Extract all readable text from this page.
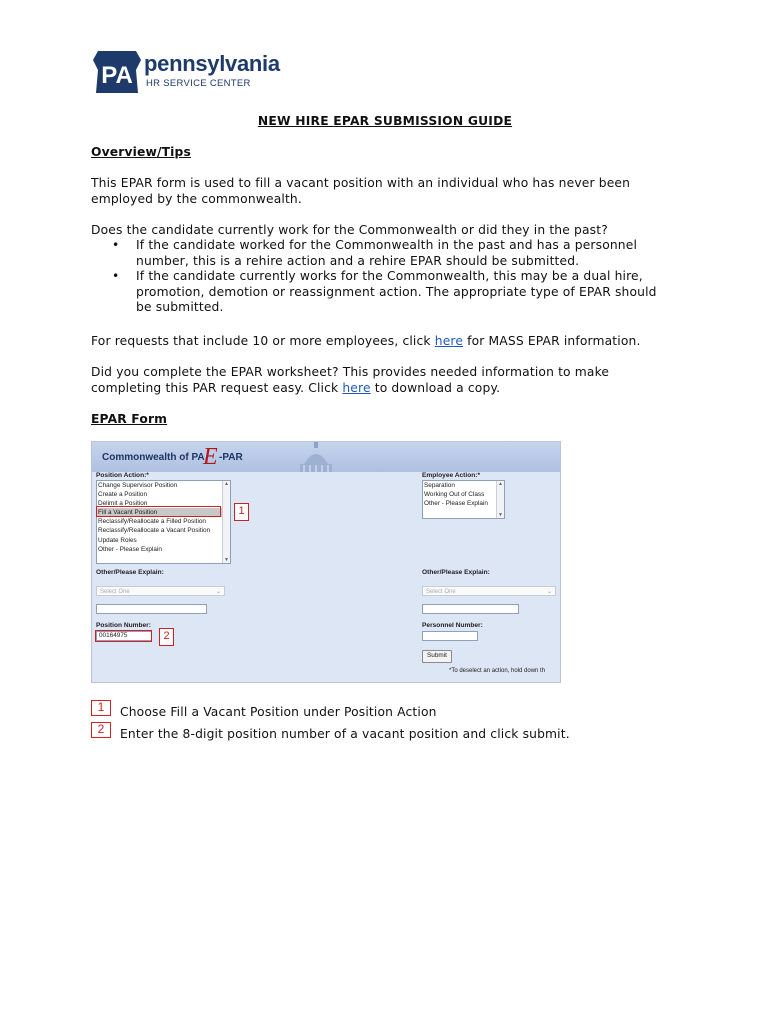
PA pennsylvania
HR SERVICE CENTER
NEW HIRE EPAR SUBMISSION GUIDE
Overview/Tips
This EPAR form is used to fill a vacant position with an individual who has never been
employed by the commonwealth.
Does the candidate currently work for the Commonwealth or did they in the past?
• If the candidate worked for the Commonwealth in the past and has a personnel
number, this is a rehire action and a rehire EPAR should be submitted.
• If the candidate currently works for the Commonwealth, this may be a dual hire,
promotion, demotion or reassignment action. The appropriate type of EPAR should
be submitted.
For requests that include 10 or more employees, click here for MASS EPAR information.
Did you complete the EPAR worksheet? This provides needed information to make
completing this PAR request easy. Click here to download a copy.
EPAR Form
Commonwealth of PA
E -PAR
Position Action:*
Change Supervisor Position
Create a Position
Delimit a Position
Fill a Vacant Position
Reclassify/Reallocate a Filled Position
Reclassify/Reallocate a Vacant Position
Update Roles
Other - Please Explain
▲
▼
1
Other/Please Explain:
Select One	⌄
Position Number:
00164975	2
Employee Action:*
Separation
Working Out of Class
Other - Please Explain
▲
▼
Other/Please Explain:
Select One	⌄
Personnel Number:
Submit
*To deselect an action, hold down th
1	Choose Fill a Vacant Position under Position Action
2	Enter the 8-digit position number of a vacant position and click submit.
